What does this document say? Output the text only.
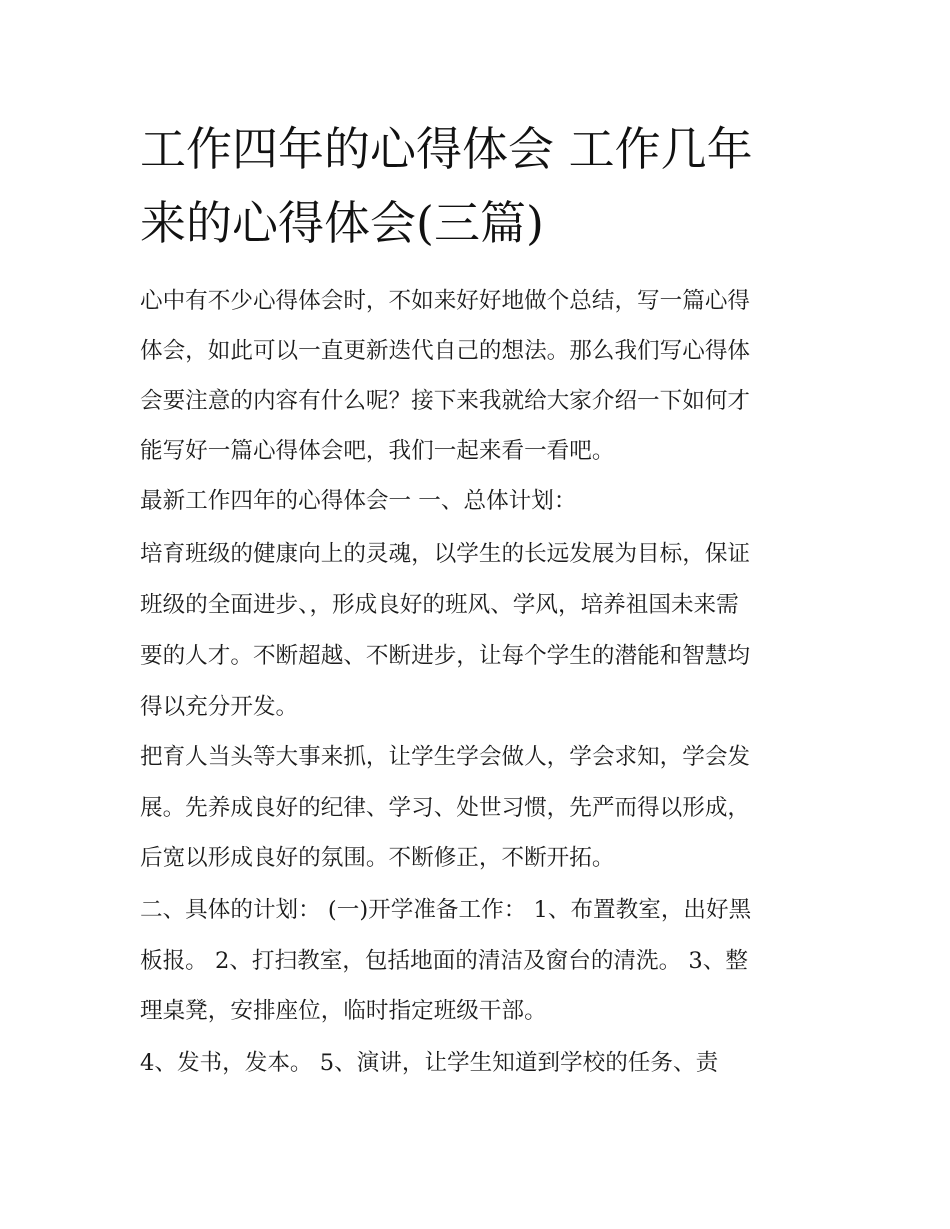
工作四年的心得体会 工作几年
来的心得体会(三篇)

心中有不少心得体会时，不如来好好地做个总结，写一篇心得

体会，如此可以一直更新迭代自己的想法。那么我们写心得体

会要注意的内容有什么呢？接下来我就给大家介绍一下如何才

能写好一篇心得体会吧，我们一起来看一看吧。

最新工作四年的心得体会一 一、总体计划：

培育班级的健康向上的灵魂，以学生的长远发展为目标，保证

班级的全面进步、，形成良好的班风、学风，培养祖国未来需

要的人才。不断超越、不断进步，让每个学生的潜能和智慧均

得以充分开发。

把育人当头等大事来抓，让学生学会做人，学会求知，学会发

展。先养成良好的纪律、学习、处世习惯，先严而得以形成，

后宽以形成良好的氛围。不断修正，不断开拓。

二、具体的计划： (一)开学准备工作： 1、布置教室，出好黑

板报。 2、打扫教室，包括地面的清洁及窗台的清洗。 3、整

理桌凳，安排座位，临时指定班级干部。

4、发书，发本。 5、演讲，让学生知道到学校的任务、责
